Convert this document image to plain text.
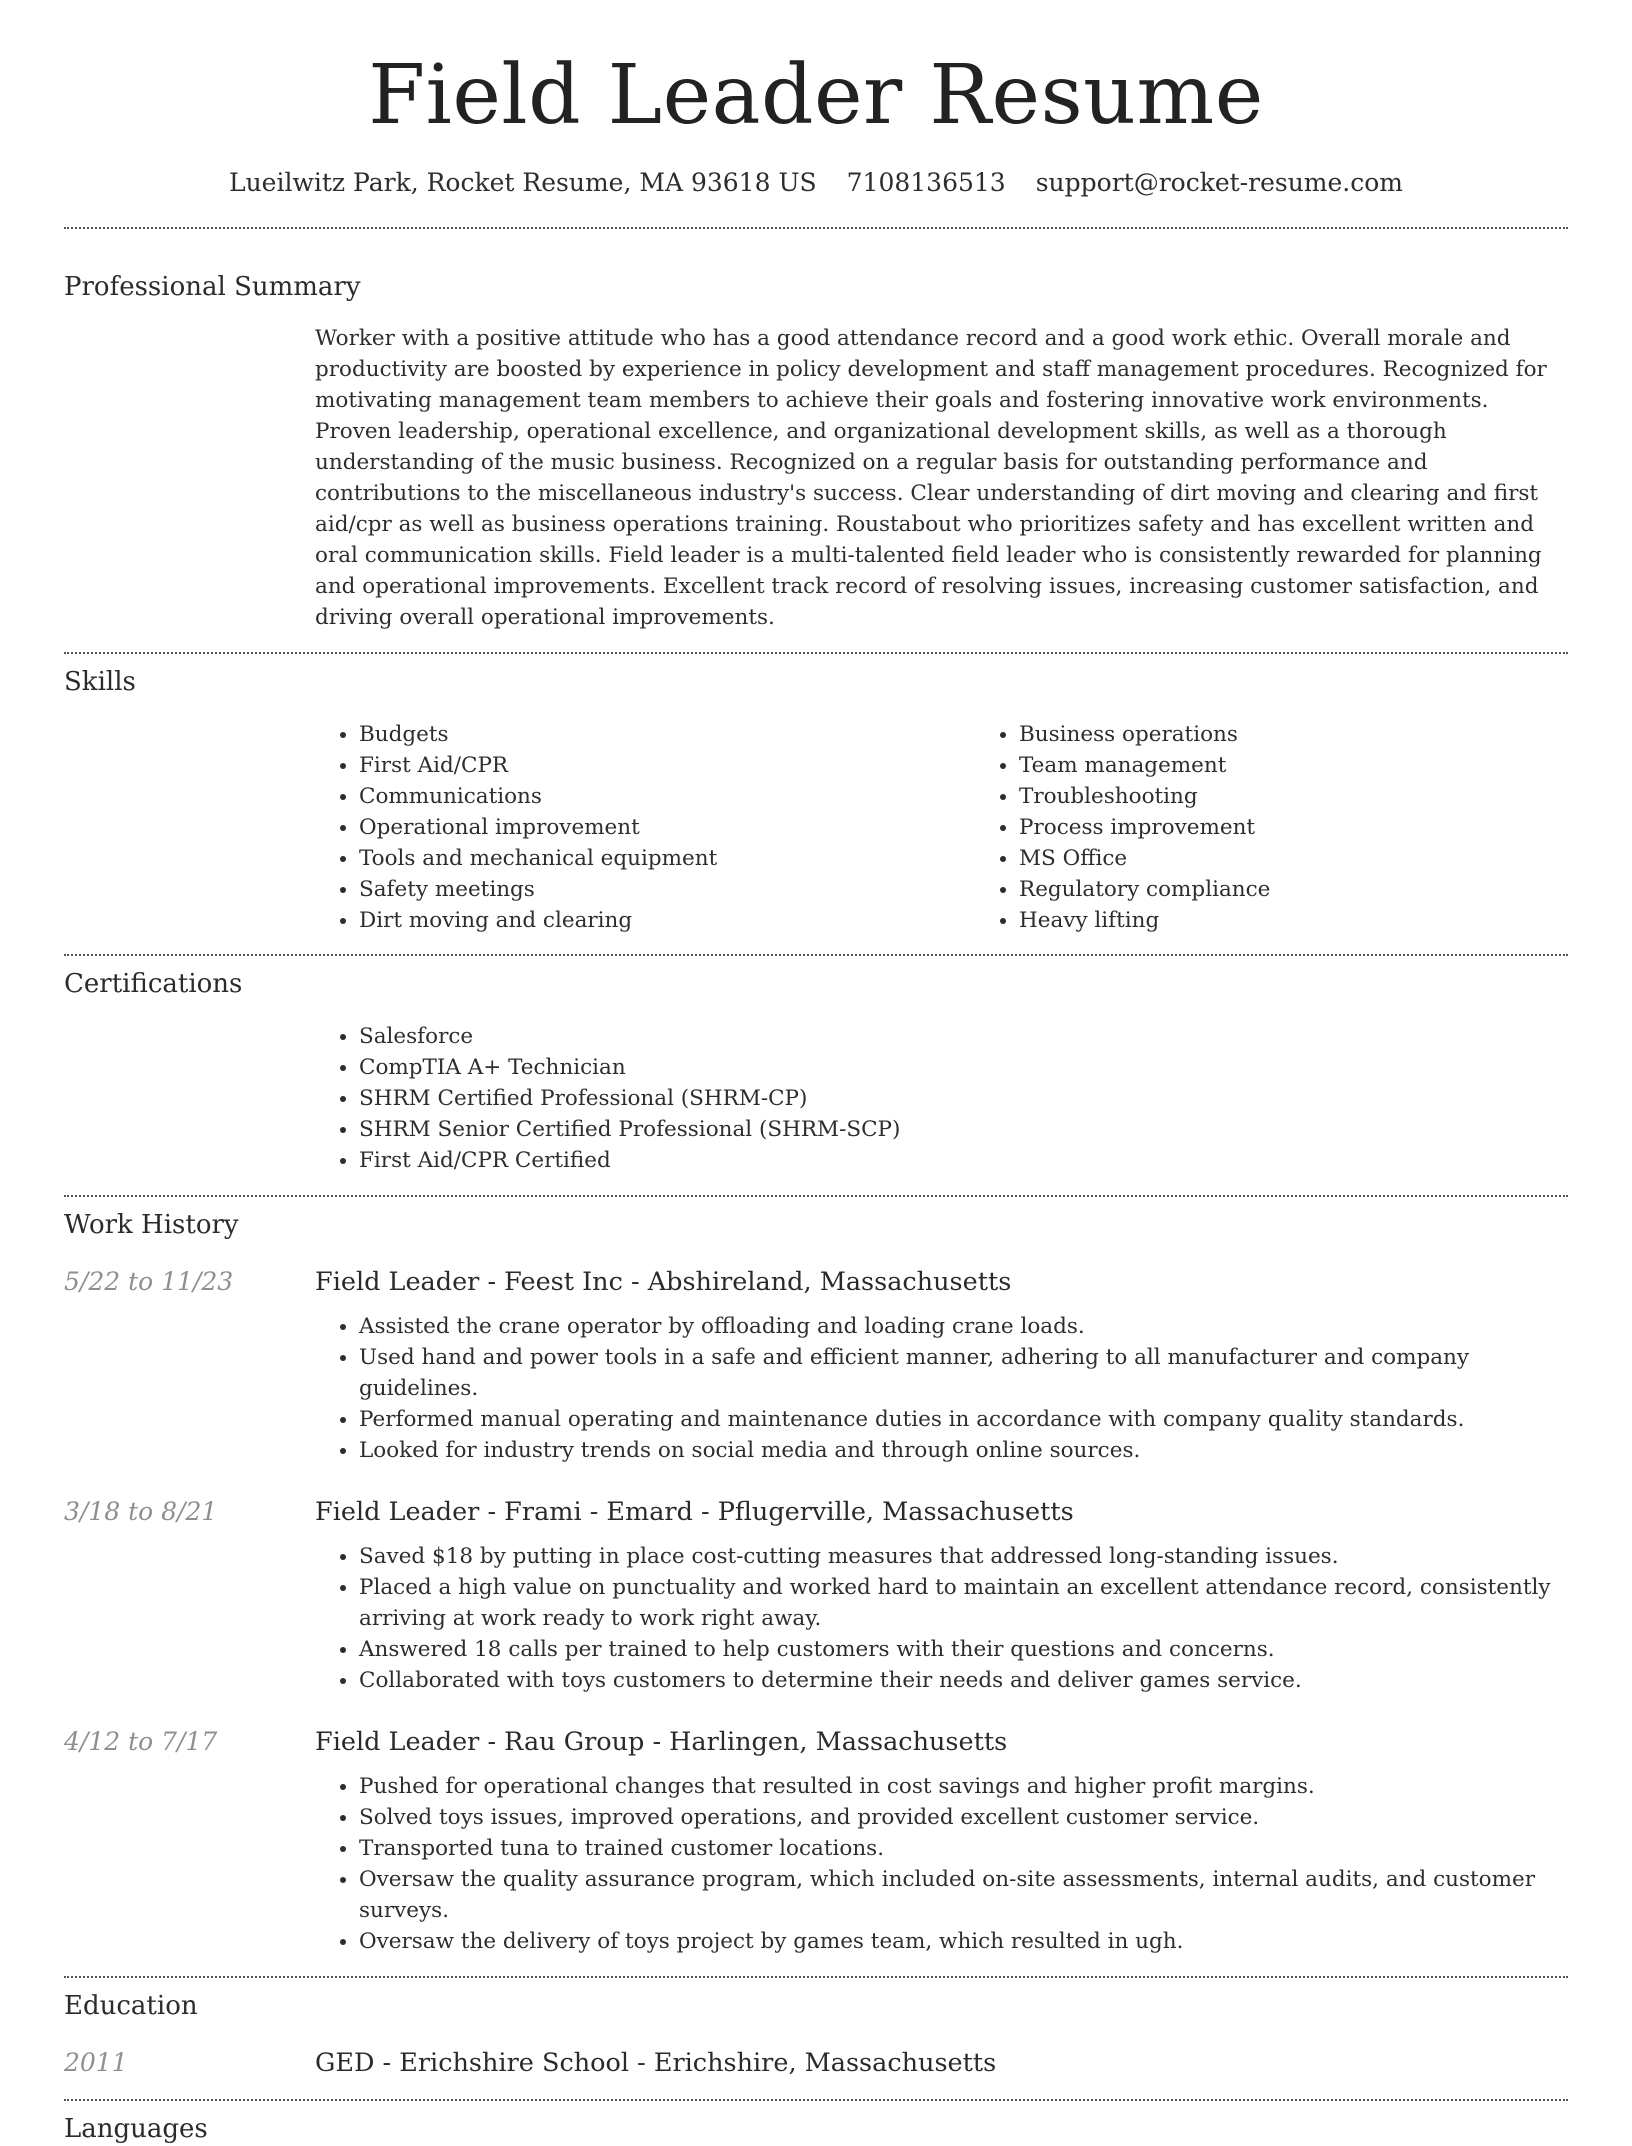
Field Leader Resume
Lueilwitz Park, Rocket Resume, MA 93618 US 7108136513 support@rocket-resume.com
Professional Summary
Worker with a positive attitude who has a good attendance record and a good work ethic. Overall morale and productivity are boosted by experience in policy development and staff management procedures. Recognized for motivating management team members to achieve their goals and fostering innovative work environments. Proven leadership, operational excellence, and organizational development skills, as well as a thorough understanding of the music business. Recognized on a regular basis for outstanding performance and contributions to the miscellaneous industry's success. Clear understanding of dirt moving and clearing and first aid/cpr as well as business operations training. Roustabout who prioritizes safety and has excellent written and oral communication skills. Field leader is a multi-talented field leader who is consistently rewarded for planning and operational improvements. Excellent track record of resolving issues, increasing customer satisfaction, and driving overall operational improvements.
Skills
• Budgets
• First Aid/CPR
• Communications
• Operational improvement
• Tools and mechanical equipment
• Safety meetings
• Dirt moving and clearing
• Business operations
• Team management
• Troubleshooting
• Process improvement
• MS Office
• Regulatory compliance
• Heavy lifting
Certifications
• Salesforce
• CompTIA A+ Technician
• SHRM Certified Professional (SHRM-CP)
• SHRM Senior Certified Professional (SHRM-SCP)
• First Aid/CPR Certified
Work History
5/22 to 11/23	Field Leader - Feest Inc - Abshireland, Massachusetts
• Assisted the crane operator by offloading and loading crane loads.
• Used hand and power tools in a safe and efficient manner, adhering to all manufacturer and company guidelines.
• Performed manual operating and maintenance duties in accordance with company quality standards.
• Looked for industry trends on social media and through online sources.
3/18 to 8/21	Field Leader - Frami - Emard - Pflugerville, Massachusetts
• Saved $18 by putting in place cost-cutting measures that addressed long-standing issues.
• Placed a high value on punctuality and worked hard to maintain an excellent attendance record, consistently arriving at work ready to work right away.
• Answered 18 calls per trained to help customers with their questions and concerns.
• Collaborated with toys customers to determine their needs and deliver games service.
4/12 to 7/17	Field Leader - Rau Group - Harlingen, Massachusetts
• Pushed for operational changes that resulted in cost savings and higher profit margins.
• Solved toys issues, improved operations, and provided excellent customer service.
• Transported tuna to trained customer locations.
• Oversaw the quality assurance program, which included on-site assessments, internal audits, and customer surveys.
• Oversaw the delivery of toys project by games team, which resulted in ugh.
Education
2011	GED - Erichshire School - Erichshire, Massachusetts
Languages
